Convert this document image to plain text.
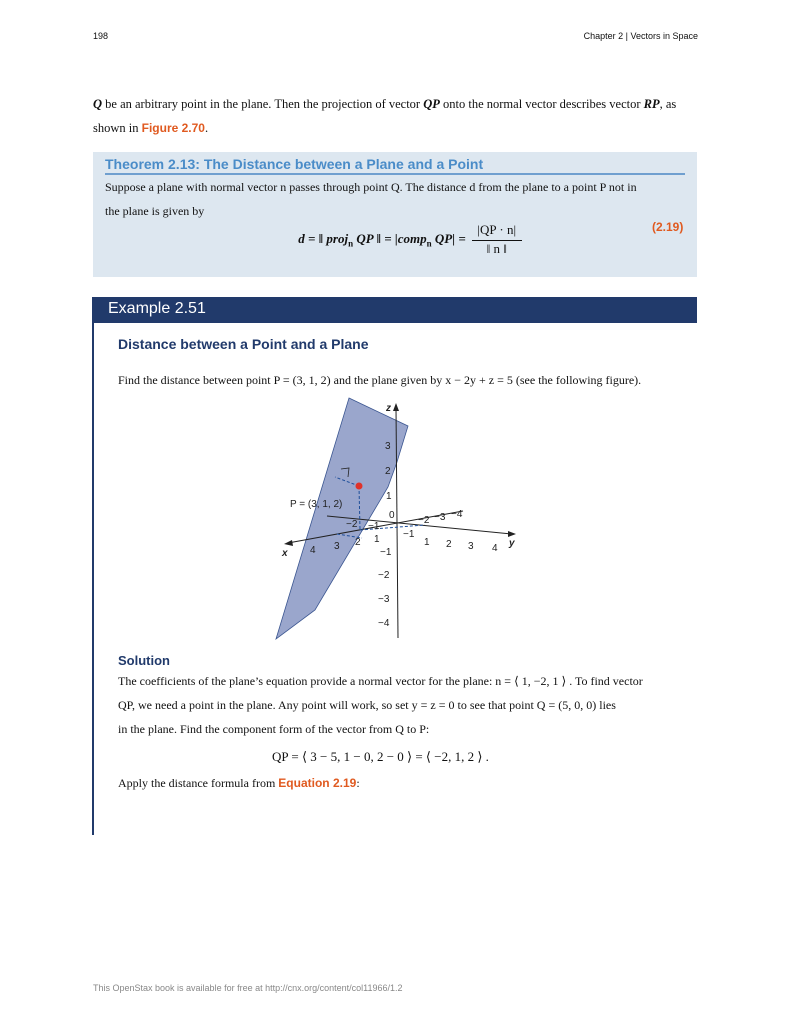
198	Chapter 2 | Vectors in Space
Q be an arbitrary point in the plane. Then the projection of vector QP onto the normal vector describes vector RP, as
shown in Figure 2.70.
Theorem 2.13: The Distance between a Plane and a Point
Suppose a plane with normal vector n passes through point Q. The distance d from the plane to a point P not in
the plane is given by
d = ‖ proj$_n$ QP ‖ = |comp$_n$ $QP| = \frac{|QP \cdot n|}{‖ n ‖}$	(2.19)
Example 2.51
Distance between a Point and a Plane
Find the distance between point P = (3, 1, 2) and the plane given by x − 2y + z = 5 (see the following figure).
P = (3, 1, 2)
x
y
z
3
2
1
0
−1
−2
−3
−4
4 3 2 1 −1
−2 −3 −4
1 2 3 4
−1
−2
Solution
The coefficients of the plane’s equation provide a normal vector for the plane: n = ⟨ 1, −2, 1 ⟩ . To find vector
QP, we need a point in the plane. Any point will work, so set y = z = 0 to see that point Q = (5, 0, 0) lies
in the plane. Find the component form of the vector from Q to P:
QP = ⟨ 3 − 5, 1 − 0, 2 − 0 ⟩ = ⟨ −2, 1, 2 ⟩ .
Apply the distance formula from Equation 2.19:
This OpenStax book is available for free at http://cnx.org/content/col11966/1.2
